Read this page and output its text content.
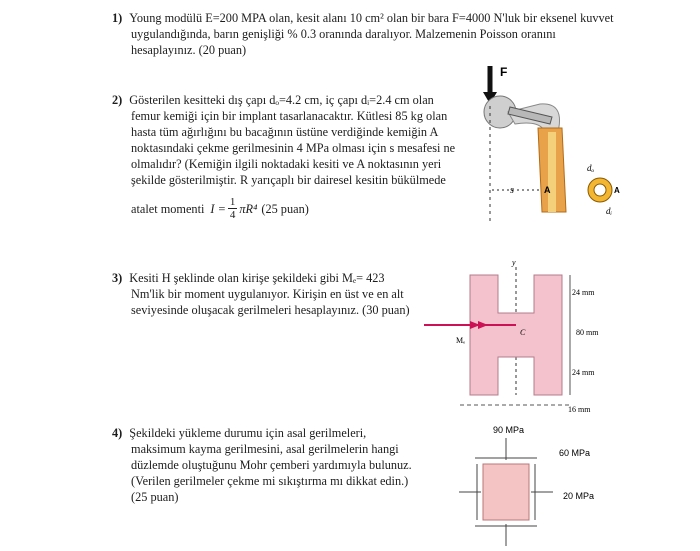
1) Young modülü E=200 MPA olan, kesit alanı 10 cm² olan bir bara F=4000 N'luk bir eksenel kuvvet
uygulandığında, barın genişliği % 0.3 oranında daralıyor. Malzemenin Poisson oranını
hesaplayınız. (20 puan)
2) Gösterilen kesitteki dış çapı dₒ=4.2 cm, iç çapı dᵢ=2.4 cm olan

femur kemiği için bir implant tasarlanacaktır. Kütlesi 85 kg olan
hasta tüm ağırlığını bu bacağının üstüne verdiğinde kemiğin A
noktasındaki çekme gerilmesinin 4 MPa olması için s mesafesi ne
olmalıdır? (Kemiğin ilgili noktadaki kesiti ve A noktasının yeri
şekilde gösterilmiştir. R yarıçaplı bir dairesel kesitin bükülmede
atalet momenti $I = \frac{1}{4} \pi R^4$ (25 puan)
F
s	A
dₒ
A
dᵢ
3) Kesiti H şeklinde olan kirişe şekildeki gibi Mₑ= 423

Nm'lik bir moment uygulanıyor. Kirişin en üst ve en alt
seviyesinde oluşacak gerilmeleri hesaplayınız. (30 puan)
y
Mₑ
C
24 mm
80 mm
24 mm
16 mm
4) Şekildeki yükleme durumu için asal gerilmeleri,

maksimum kayma gerilmesini, asal gerilmelerin hangi
düzlemde oluştuğunu Mohr çemberi yardımıyla bulunuz.
(Verilen gerilmeler çekme mi sıkıştırma mı dikkat edin.)
(25 puan)
90 MPa
60 MPa
20 MPa
